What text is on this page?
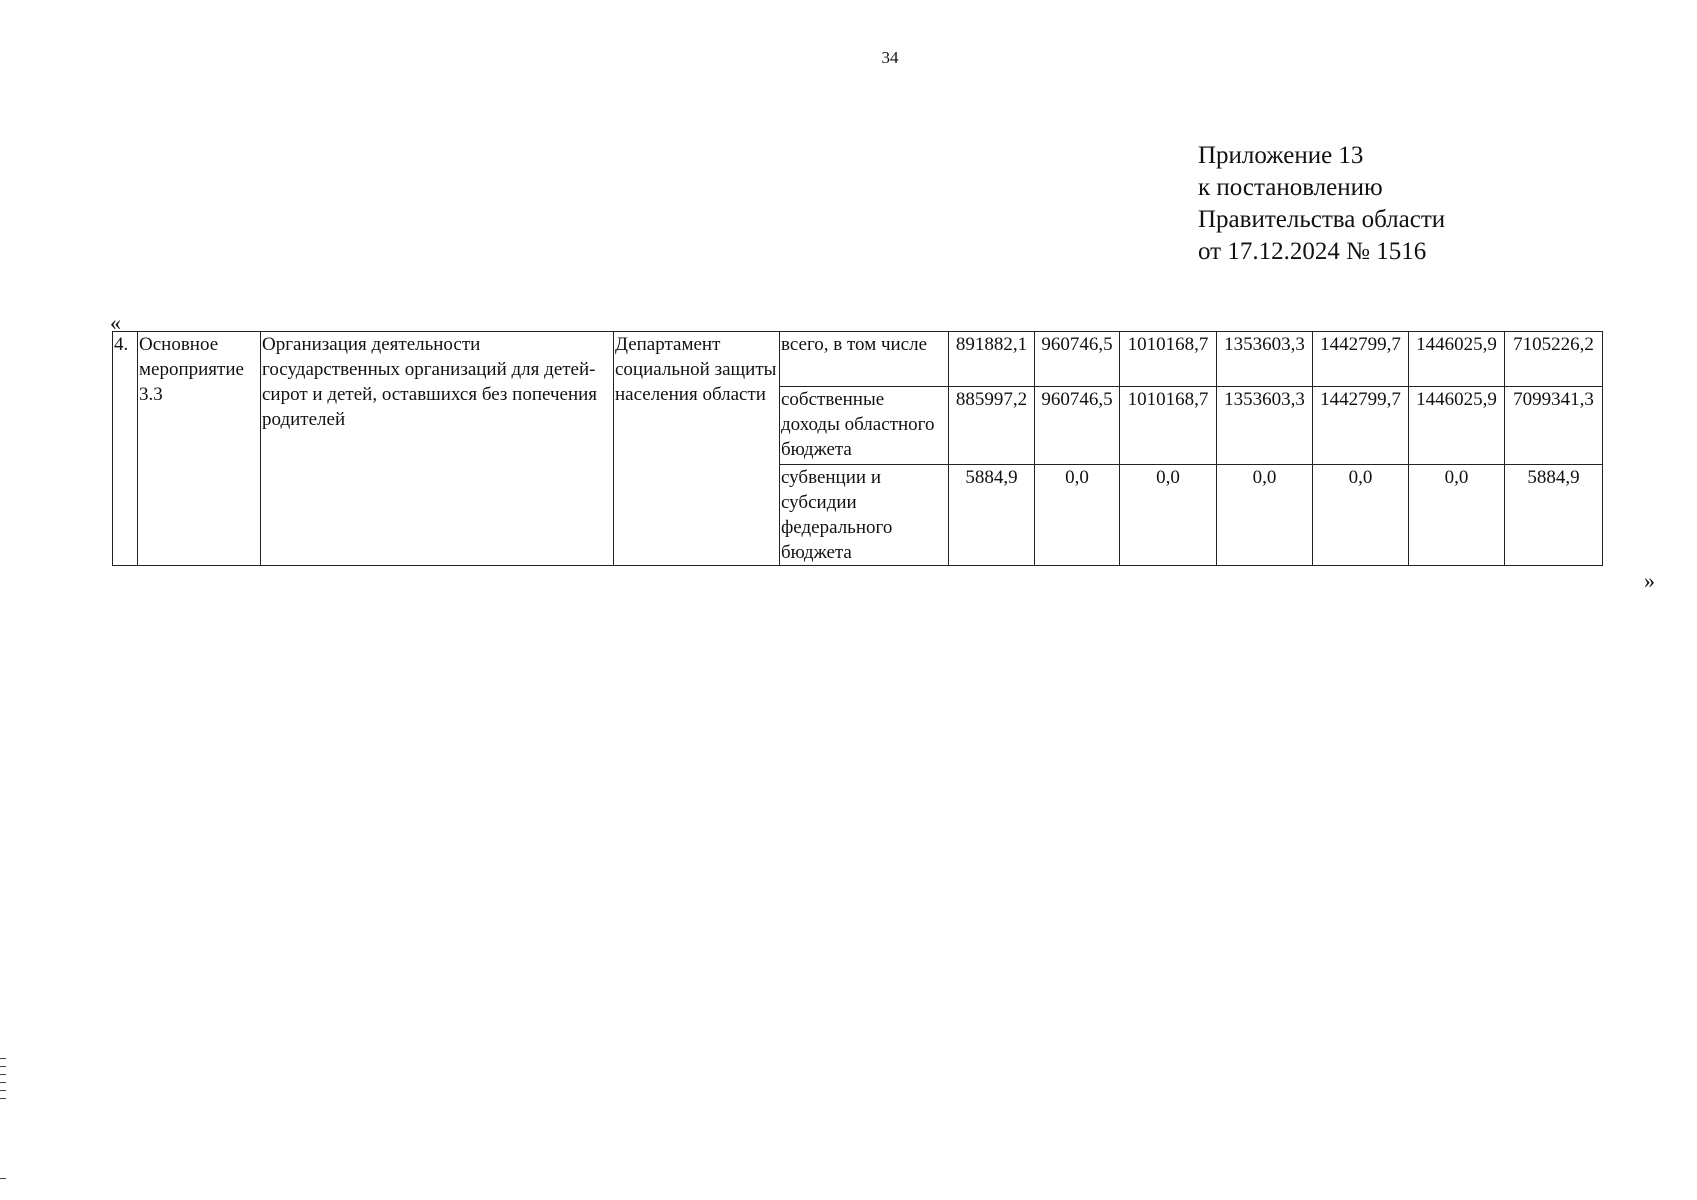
34
Приложение 13
к постановлению
Правительства области
от 17.12.2024 № 1516
«
4.	Основное мероприятие 3.3	Организация деятельности государственных организаций для детей-сирот и детей, оставшихся без попечения родителей	Департамент социальной защиты населения области	всего, в том числе	891882,1	960746,5	1010168,7	1353603,3	1442799,7	1446025,9	7105226,2
				собственные доходы областного бюджета	885997,2	960746,5	1010168,7	1353603,3	1442799,7	1446025,9	7099341,3
				субвенции и субсидии федерального бюджета	5884,9	0,0	0,0	0,0	0,0	0,0	5884,9
»
